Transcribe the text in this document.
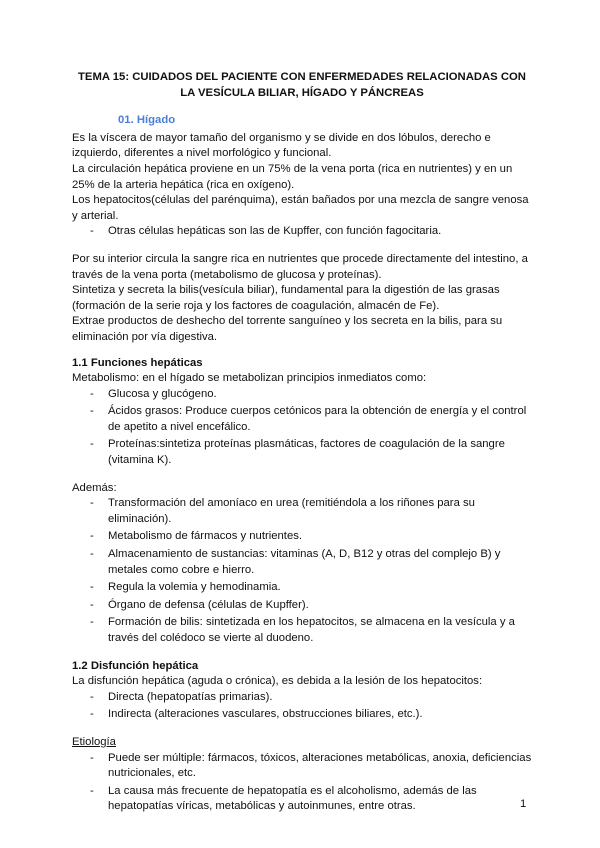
TEMA 15: CUIDADOS DEL PACIENTE CON ENFERMEDADES RELACIONADAS CON
LA VESÍCULA BILIAR, HÍGADO Y PÁNCREAS
01. Hígado

Es la víscera de mayor tamaño del organismo y se divide en dos lóbulos, derecho e izquierdo, diferentes a nivel morfológico y funcional.

La circulación hepática proviene en un 75% de la vena porta (rica en nutrientes) y en un 25% de la arteria hepática (rica en oxígeno).

Los hepatocitos(células del parénquima), están bañados por una mezcla de sangre venosa y arterial.

- Otras células hepáticas son las de Kupffer, con función fagocitaria.

Por su interior circula la sangre rica en nutrientes que procede directamente del intestino, a través de la vena porta (metabolismo de glucosa y proteínas).

Sintetiza y secreta la bilis(vesícula biliar), fundamental para la digestión de las grasas (formación de la serie roja y los factores de coagulación, almacén de Fe).

Extrae productos de deshecho del torrente sanguíneo y los secreta en la bilis, para su eliminación por vía digestiva.

1.1 Funciones hepáticas

Metabolismo: en el hígado se metabolizan principios inmediatos como:

- Glucosa y glucógeno.
- Ácidos grasos: Produce cuerpos cetónicos para la obtención de energía y el control de apetito a nivel encefálico.
- Proteínas:sintetiza proteínas plasmáticas, factores de coagulación de la sangre (vitamina K).

Además:

- Transformación del amoníaco en urea (remitiéndola a los riñones para su eliminación).
- Metabolismo de fármacos y nutrientes.
- Almacenamiento de sustancias: vitaminas (A, D, B12 y otras del complejo B) y metales como cobre e hierro.
- Regula la volemia y hemodinamia.
- Órgano de defensa (células de Kupffer).
- Formación de bilis: sintetizada en los hepatocitos, se almacena en la vesícula y a través del colédoco se vierte al duodeno.
1.2 Disfunción hepática

La disfunción hepática (aguda o crónica), es debida a la lesión de los hepatocitos:

- Directa (hepatopatías primarias).
- Indirecta (alteraciones vasculares, obstrucciones biliares, etc.).

Etiología

- Puede ser múltiple: fármacos, tóxicos, alteraciones metabólicas, anoxia, deficiencias nutricionales, etc.
- La causa más frecuente de hepatopatía es el alcoholismo, además de las hepatopatías víricas, metabólicas y autoinmunes, entre otras.	1
